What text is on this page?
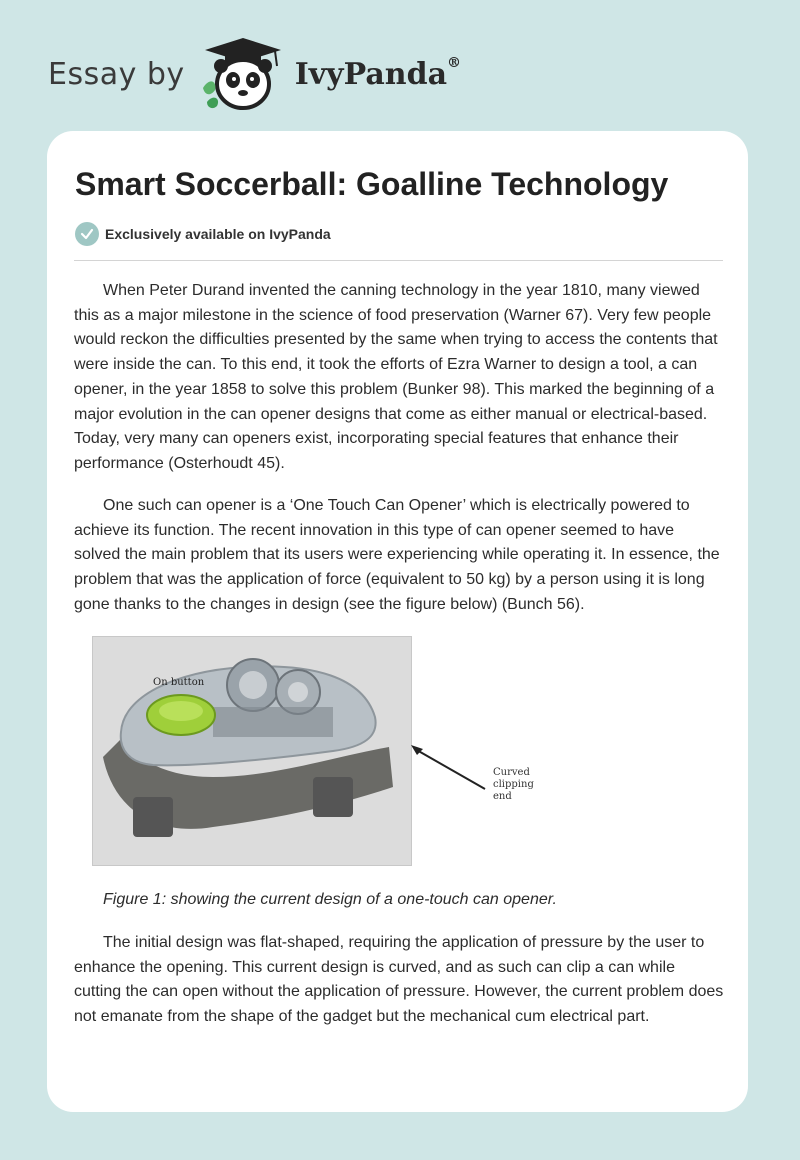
Essay by	IvyPanda®
Smart Soccerball: Goalline Technology
Exclusively available on IvyPanda

When Peter Durand invented the canning technology in the year 1810, many viewed this as a major milestone in the science of food preservation (Warner 67). Very few people would reckon the difficulties presented by the same when trying to access the contents that were inside the can. To this end, it took the efforts of Ezra Warner to design a tool, a can opener, in the year 1858 to solve this problem (Bunker 98). This marked the beginning of a major evolution in the can opener designs that come as either manual or electrical-based. Today, very many can openers exist, incorporating special features that enhance their performance (Osterhoudt 45).

One such can opener is a ‘One Touch Can Opener’ which is electrically powered to achieve its function. The recent innovation in this type of can opener seemed to have solved the main problem that its users were experiencing while operating it. In essence, the problem that was the application of force (equivalent to 50 kg) by a person using it is long gone thanks to the changes in design (see the figure below) (Bunch 56).

On button
Curved clipping end

Figure 1: showing the current design of a one-touch can opener.

The initial design was flat-shaped, requiring the application of pressure by the user to enhance the opening. This current design is curved, and as such can clip a can while cutting the can open without the application of pressure. However, the current problem does not emanate from the shape of the gadget but the mechanical cum electrical part.
